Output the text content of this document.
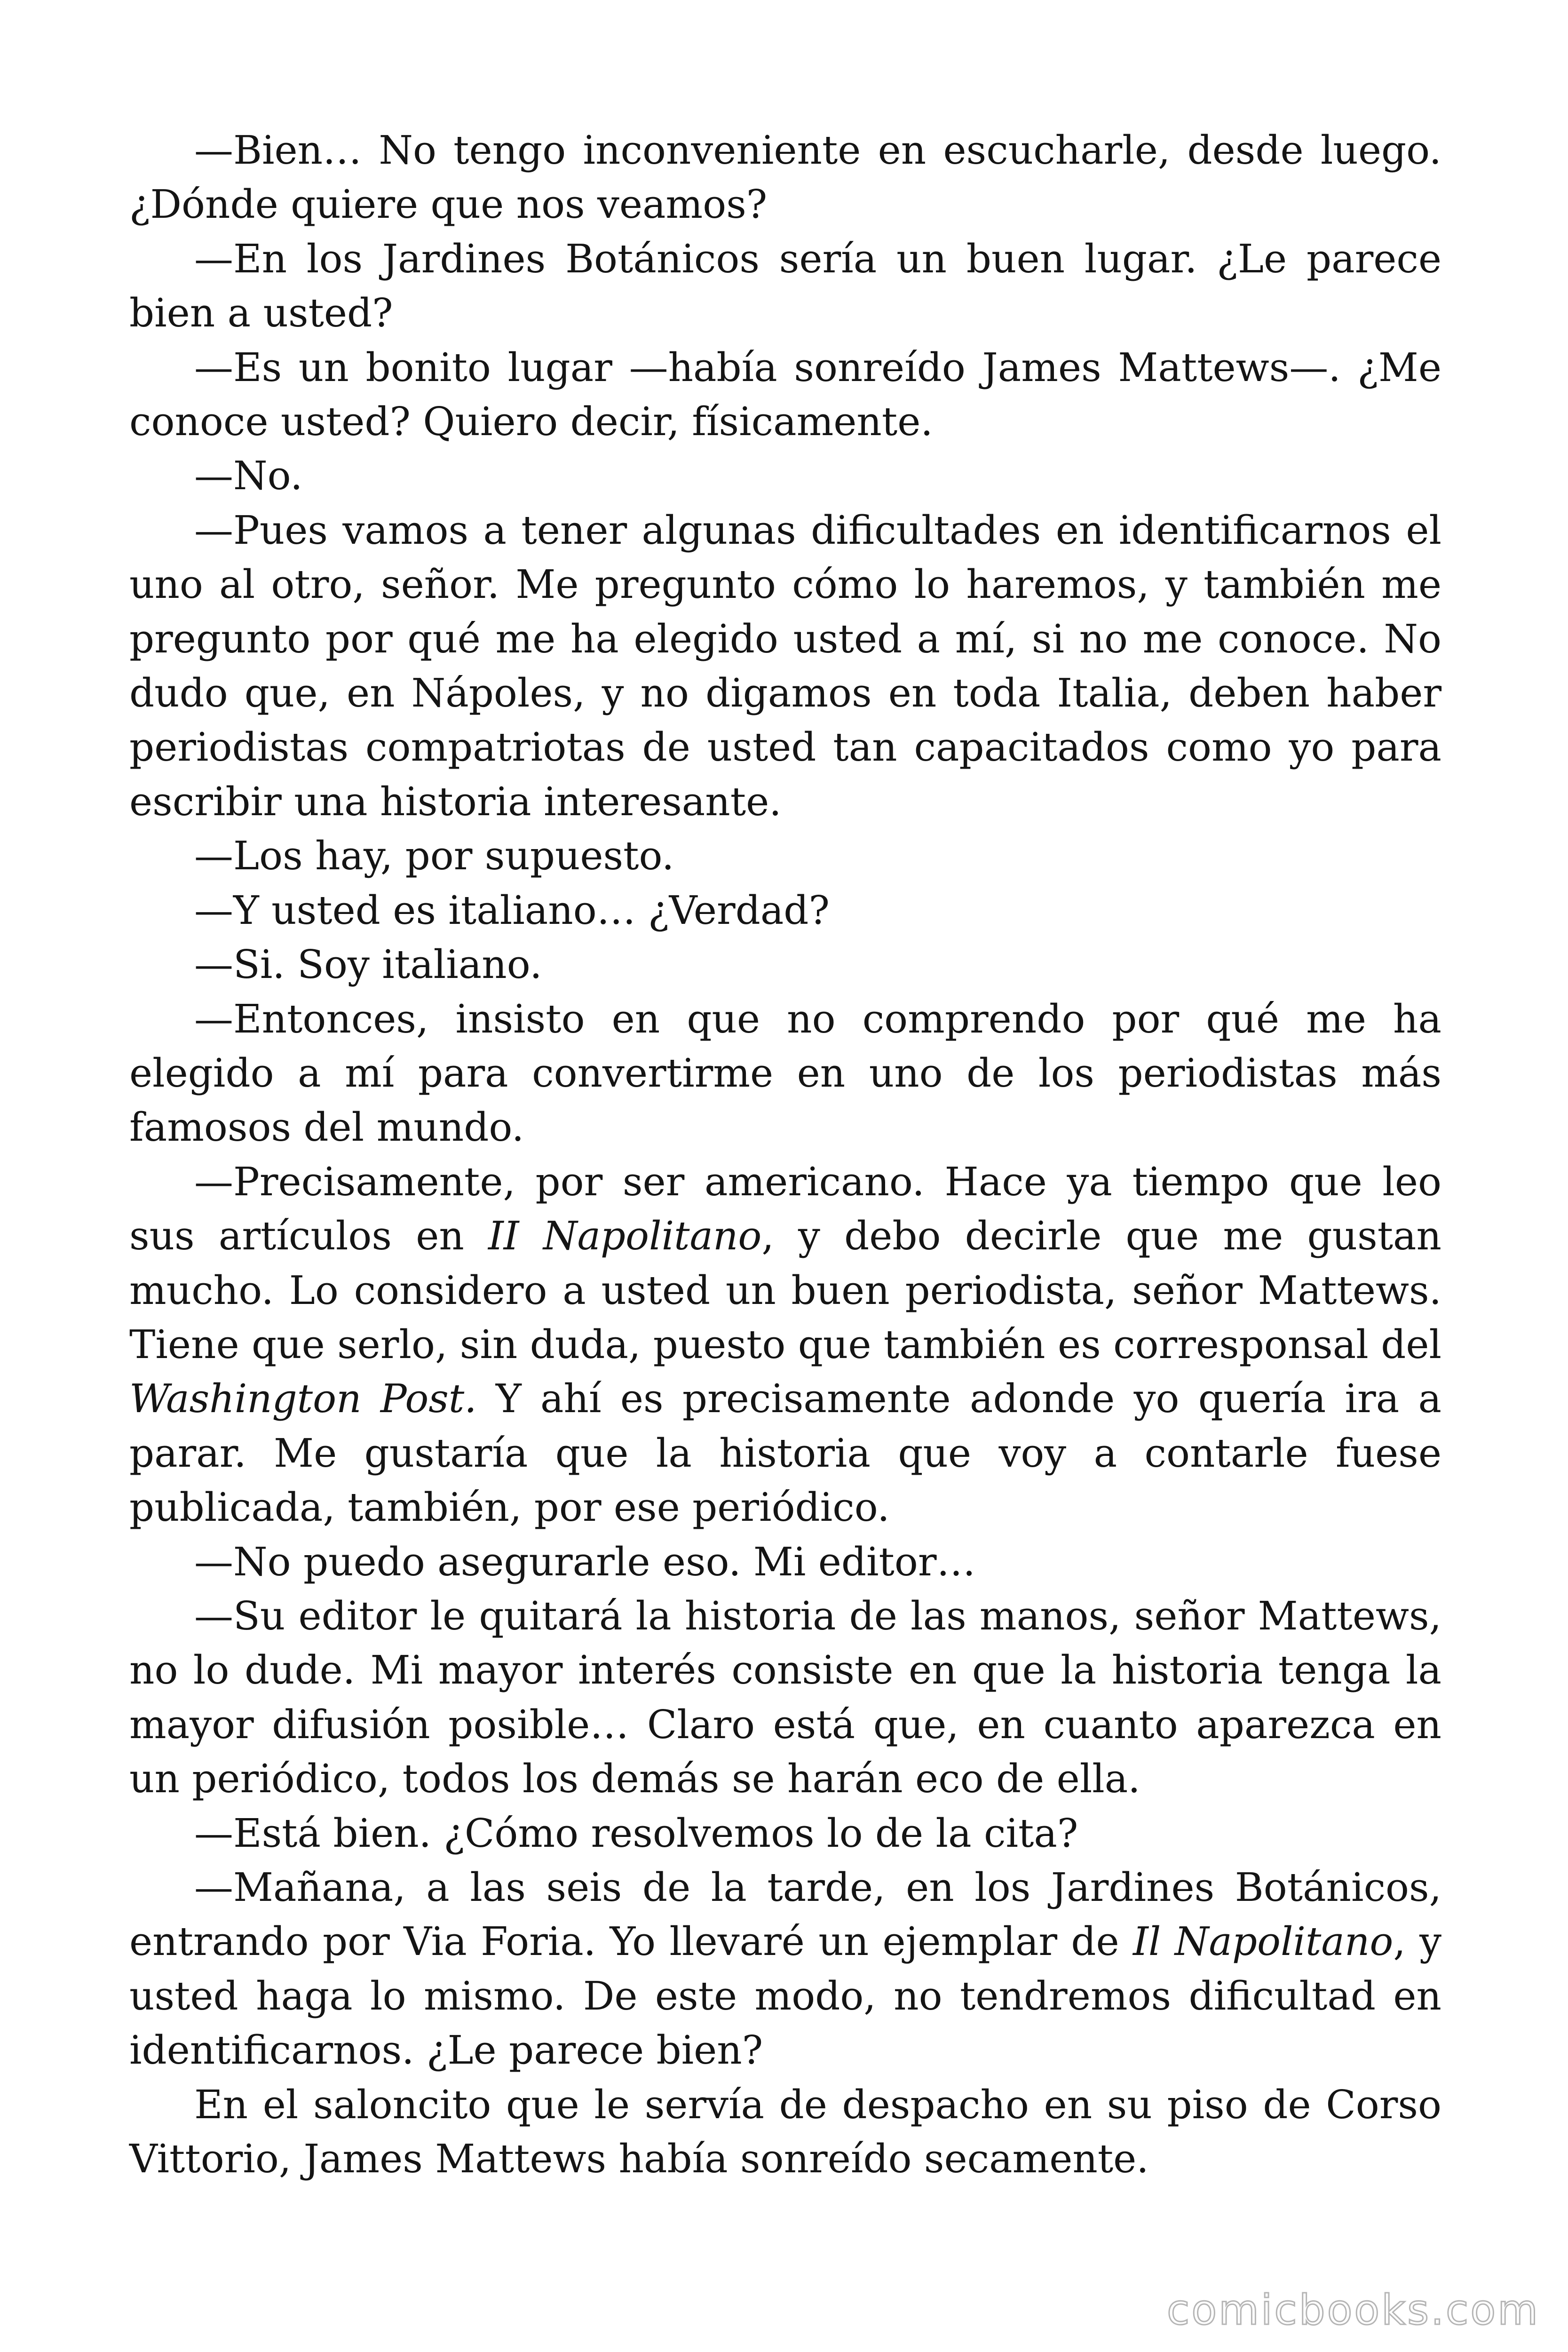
—Bien… No tengo inconveniente en escucharle, desde luego. ¿Dónde quiere que nos veamos?

—En los Jardines Botánicos sería un buen lugar. ¿Le parece bien a usted?

—Es un bonito lugar —había sonreído James Mattews—. ¿Me conoce usted? Quiero decir, físicamente.

—No.

—Pues vamos a tener algunas dificultades en identificarnos el uno al otro, señor. Me pregunto cómo lo haremos, y también me pregunto por qué me ha elegido usted a mí, si no me conoce. No dudo que, en Nápoles, y no digamos en toda Italia, deben haber periodistas compatriotas de usted tan capacitados como yo para escribir una historia interesante.

—Los hay, por supuesto.

—Y usted es italiano… ¿Verdad?

—Si. Soy italiano.

—Entonces, insisto en que no comprendo por qué me ha elegido a mí para convertirme en uno de los periodistas más famosos del mundo.

—Precisamente, por ser americano. Hace ya tiempo que leo sus artículos en II Napolitano, y debo decirle que me gustan mucho. Lo considero a usted un buen periodista, señor Mattews. Tiene que serlo, sin duda, puesto que también es corresponsal del Washington Post. Y ahí es precisamente adonde yo quería ira a parar. Me gustaría que la historia que voy a contarle fuese publicada, también, por ese periódico.

—No puedo asegurarle eso. Mi editor…

—Su editor le quitará la historia de las manos, señor Mattews, no lo dude. Mi mayor interés consiste en que la historia tenga la mayor difusión posible… Claro está que, en cuanto aparezca en un periódico, todos los demás se harán eco de ella.

—Está bien. ¿Cómo resolvemos lo de la cita?

—Mañana, a las seis de la tarde, en los Jardines Botánicos, entrando por Via Foria. Yo llevaré un ejemplar de Il Napolitano, y usted haga lo mismo. De este modo, no tendremos dificultad en identificarnos. ¿Le parece bien?

En el saloncito que le servía de despacho en su piso de Corso Vittorio, James Mattews había sonreído secamente.

comicbooks.com
